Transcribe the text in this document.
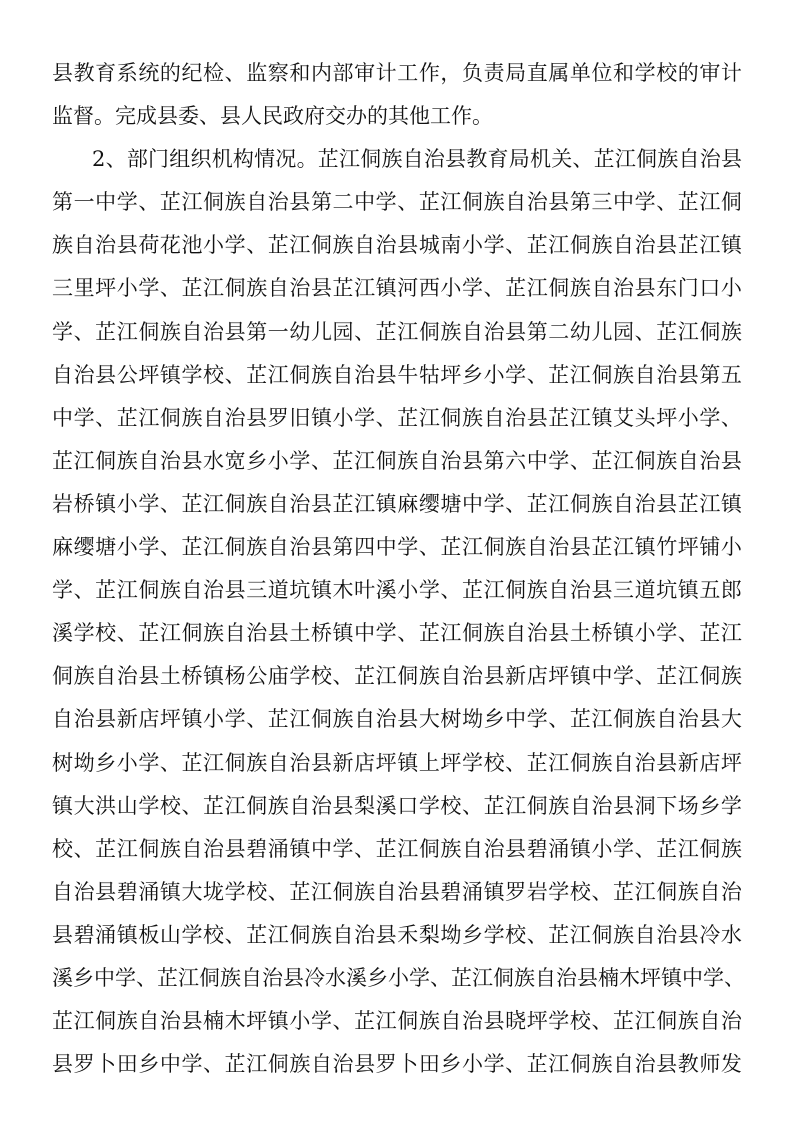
县 教 育 系 统 的 纪 检 、 监 察 和 内 部 审 计 工 作 ， 负 责 局 直 属 单 位 和 学 校 的 审 计
监督。完成县委、县人民政府交办的其他工作。
2 、 部 门 组 织 机 构 情 况 。 芷 江 侗 族 自 治 县 教 育 局 机 关 、 芷 江 侗 族 自 治 县
第 一 中 学 、 芷 江 侗 族 自 治 县 第 二 中 学 、 芷 江 侗 族 自 治 县 第 三 中 学 、 芷 江 侗
族 自 治 县 荷 花 池 小 学 、 芷 江 侗 族 自 治 县 城 南 小 学 、 芷 江 侗 族 自 治 县 芷 江 镇
三 里 坪 小 学 、 芷 江 侗 族 自 治 县 芷 江 镇 河 西 小 学 、 芷 江 侗 族 自 治 县 东 门 口 小
学 、 芷 江 侗 族 自 治 县 第 一 幼 儿 园 、 芷 江 侗 族 自 治 县 第 二 幼 儿 园 、 芷 江 侗 族
自 治 县 公 坪 镇 学 校 、 芷 江 侗 族 自 治 县 牛 牯 坪 乡 小 学 、 芷 江 侗 族 自 治 县 第 五
中 学 、 芷 江 侗 族 自 治 县 罗 旧 镇 小 学 、 芷 江 侗 族 自 治 县 芷 江 镇 艾 头 坪 小 学 、
芷 江 侗 族 自 治 县 水 宽 乡 小 学 、 芷 江 侗 族 自 治 县 第 六 中 学 、 芷 江 侗 族 自 治 县
岩 桥 镇 小 学 、 芷 江 侗 族 自 治 县 芷 江 镇 麻 缨 塘 中 学 、 芷 江 侗 族 自 治 县 芷 江 镇
麻 缨 塘 小 学 、 芷 江 侗 族 自 治 县 第 四 中 学 、 芷 江 侗 族 自 治 县 芷 江 镇 竹 坪 铺 小
学 、 芷 江 侗 族 自 治 县 三 道 坑 镇 木 叶 溪 小 学 、 芷 江 侗 族 自 治 县 三 道 坑 镇 五 郎
溪 学 校 、 芷 江 侗 族 自 治 县 土 桥 镇 中 学 、 芷 江 侗 族 自 治 县 土 桥 镇 小 学 、 芷 江
侗 族 自 治 县 土 桥 镇 杨 公 庙 学 校 、 芷 江 侗 族 自 治 县 新 店 坪 镇 中 学 、 芷 江 侗 族
自 治 县 新 店 坪 镇 小 学 、 芷 江 侗 族 自 治 县 大 树 坳 乡 中 学 、 芷 江 侗 族 自 治 县 大
树 坳 乡 小 学 、 芷 江 侗 族 自 治 县 新 店 坪 镇 上 坪 学 校 、 芷 江 侗 族 自 治 县 新 店 坪
镇 大 洪 山 学 校 、 芷 江 侗 族 自 治 县 梨 溪 口 学 校 、 芷 江 侗 族 自 治 县 洞 下 场 乡 学
校 、 芷 江 侗 族 自 治 县 碧 涌 镇 中 学 、 芷 江 侗 族 自 治 县 碧 涌 镇 小 学 、 芷 江 侗 族
自 治 县 碧 涌 镇 大 垅 学 校 、 芷 江 侗 族 自 治 县 碧 涌 镇 罗 岩 学 校 、 芷 江 侗 族 自 治
县 碧 涌 镇 板 山 学 校 、 芷 江 侗 族 自 治 县 禾 梨 坳 乡 学 校 、 芷 江 侗 族 自 治 县 冷 水
溪 乡 中 学 、 芷 江 侗 族 自 治 县 冷 水 溪 乡 小 学 、 芷 江 侗 族 自 治 县 楠 木 坪 镇 中 学 、
芷 江 侗 族 自 治 县 楠 木 坪 镇 小 学 、 芷 江 侗 族 自 治 县 晓 坪 学 校 、 芷 江 侗 族 自 治
县 罗 卜 田 乡 中 学 、 芷 江 侗 族 自 治 县 罗 卜 田 乡 小 学 、 芷 江 侗 族 自 治 县 教 师 发
